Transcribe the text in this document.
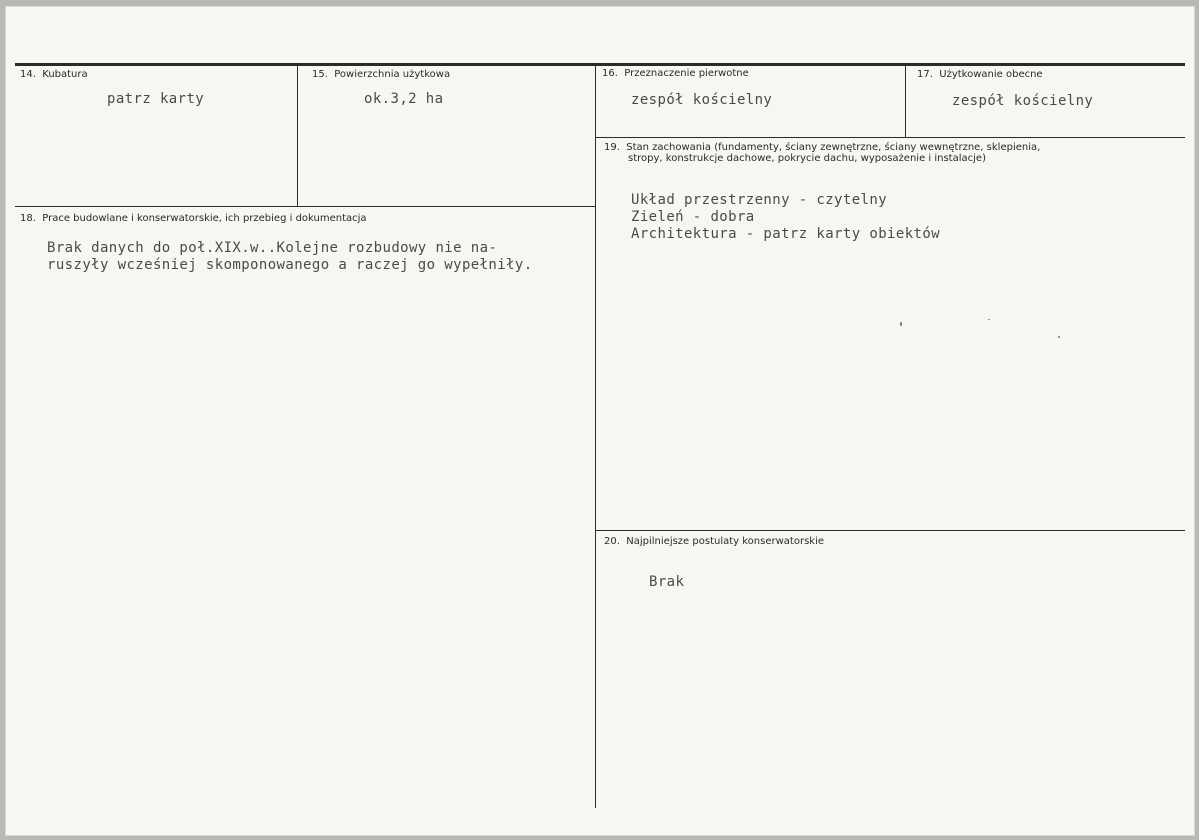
14.  Kubatura
patrz karty
15.  Powierzchnia użytkowa
ok.3,2 ha
16.  Przeznaczenie pierwotne
zespół kościelny
17.  Użytkowanie obecne
zespół kościelny
18.  Prace budowlane i konserwatorskie, ich przebieg i dokumentacja
Brak danych do poł.XIX.w..Kolejne rozbudowy nie na-
ruszyły wcześniej skomponowanego a raczej go wypełniły.
19.  Stan zachowania (fundamenty, ściany zewnętrzne, ściany wewnętrzne, sklepienia,
stropy, konstrukcje dachowe, pokrycie dachu, wyposażenie i instalacje)
Układ przestrzenny - czytelny
Zieleń - dobra
Architektura - patrz karty obiektów
20.  Najpilniejsze postulaty konserwatorskie
Brak
